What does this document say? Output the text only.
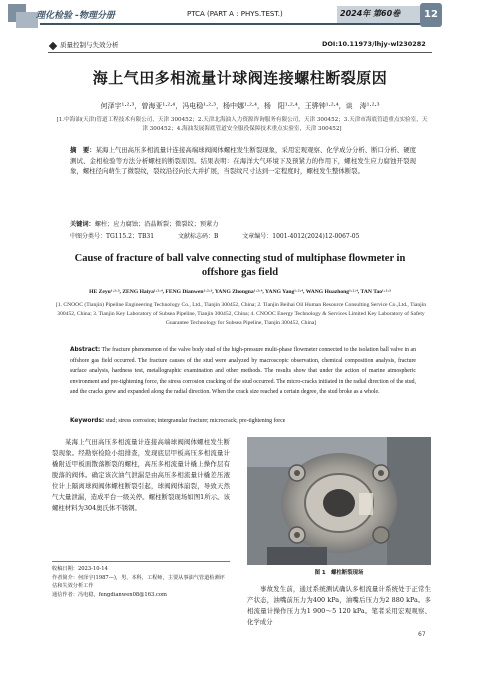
理化检验 -物理分册	PTCA (PART A : PHYS.TEST.)	2024年 第60卷	12
质量控制与失效分析	DOI:10.11973/lhjy-wl230282
海上气田多相流量计球阀连接螺柱断裂原因
何泽宇¹·²·³，曾海亚¹·²·⁴，冯电稳¹·²·³，杨中娜¹·²·⁴，杨　阳¹·²·⁴，王骅钟¹·²·⁴，谈　涛¹·²·³
[1.中海油(天津)管道工程技术有限公司，天津 300452；2.天津北海油人力资源咨询服务有限公司，天津 300452；3.天津市海底管道重点实验室，天津 300452；4.海油发展海底管道安全服役保障技术重点实验室，天津 300452]
摘　要：某海上气田高压多相流量计连接高端球阀阀体螺柱发生断裂现象，采用宏观观察、化学成分分析、断口分析、硬度测试、金相检验等方法分析螺柱的断裂原因。结果表明：在海洋大气环境下及预紧力的作用下，螺柱发生应力腐蚀开裂现象，螺柱径向萌生了微裂纹，裂纹沿径向长大并扩展，当裂纹尺寸达到一定程度时，螺柱发生整体断裂。
关键词：螺柱；应力腐蚀；沿晶断裂；微裂纹；预紧力
中图分类号：TG115.2；TB31	文献标志码：B	文章编号：1001-4012(2024)12-0067-05
Cause of fracture of ball valve connecting stud of multiphase flowmeter in offshore gas field
HE Zeyu¹·²·³, ZENG Haiya¹·²·⁴, FENG Dianwen¹·²·³, YANG Zhongna¹·²·⁴, YANG Yang¹·²·⁴, WANG Huazhong¹·²·⁴, TAN Tao¹·²·³
[1. CNOOC (Tianjin) Pipeline Engineering Technology Co., Ltd., Tianjin 300452, China; 2. Tianjin Beihai Oil Human Resource Consulting Service Co.,Ltd., Tianjin 300452, China; 3. Tianjin Key Laboratory of Subsea Pipeline, Tianjin 300452, China; 4. CNOOC Energy Technology & Services Limited Key Laboratory of Safety Guarantee Technology for Subsea Pipeline, Tianjin 300452, China]
Abstract: The fracture phenomenon of the valve body stud of the high-pressure multi-phase flowmeter connected to the isolation ball valve in an offshore gas field occurred. The fracture causes of the stud were analyzed by macroscopic observation, chemical composition analysis, fracture surface analysis, hardness test, metallographic examination and other methods. The results show that under the action of marine atmospheric environment and pre-tightening force, the stress corrosion cracking of the stud occurred. The micro-cracks initiated in the radial direction of the stud, and the cracks grew and expanded along the radial direction. When the crack size reached a certain degree, the stud broke as a whole.
Keywords: stud; stress corrosion; intergranular fracture; microcrack; pre-tightening force
某海上气田高压多相流量计连接高端球阀阀体螺柱发生断裂现象。经勘察检险小组排查，发现底层甲板高压多相流量计橇附近甲板面散落断裂的螺柱，高压多相流量计橇上操作层有脱落的阀体。确定该次油气泄漏是由高压多相流量计橇差压液位计上隔离球阀阀体螺柱断裂引起，球阀阀体崩裂，导致天然气大量泄漏，造成平台一级关停。螺柱断裂现场如图1所示。该螺柱材料为304奥氏体不锈钢。
收稿日期：2023-10-14
作者简介：何泽宇(1987—)，男，本科，工程师，主要从事油气管道检测评估和失效分析工作
通信作者：冯电稳，fengdianwen08@163.com
图 1　螺柱断裂现场
事故发生前，通过系统测试确认多相流量计系统处于正常生产状态，油嘴前压力为400 kPa，油嘴后压力为2 880 kPa。多相流量计操作压力为1 900～5 120 kPa。笔者采用宏观观察、化学成分
67
